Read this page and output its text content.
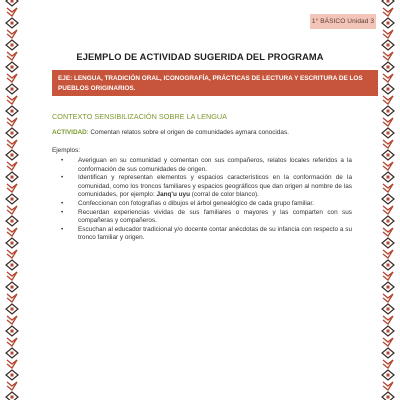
1° BÁSICO Unidad 3
EJEMPLO DE ACTIVIDAD SUGERIDA DEL PROGRAMA
EJE: LENGUA, TRADICIÓN ORAL, ICONOGRAFÍA, PRÁCTICAS DE LECTURA Y ESCRITURA DE LOS PUEBLOS ORIGINARIOS.
CONTEXTO SENSIBILIZACIÓN SOBRE LA LENGUA
ACTIVIDAD: Comentan relatos sobre el origen de comunidades aymara conocidas.
Ejemplos:
• Averiguan en su comunidad y comentan con sus compañeros, relatos locales referidos a la conformación de sus comunidades de origen.
• Identifican y representan elementos y espacios característicos en la conformación de la comunidad, como los troncos familiares y espacios geográficos que dan origen al nombre de las comunidades, por ejemplo: Janq'u uyu (corral de color blanco).
• Confeccionan con fotografías o dibujos el árbol genealógico de cada grupo familiar.
• Recuerdan experiencias vividas de sus familiares o mayores y las comparten con sus compañeras y compañeros.
• Escuchan al educador tradicional y/o docente contar anécdotas de su infancia con respecto a su tronco familiar y origen.
